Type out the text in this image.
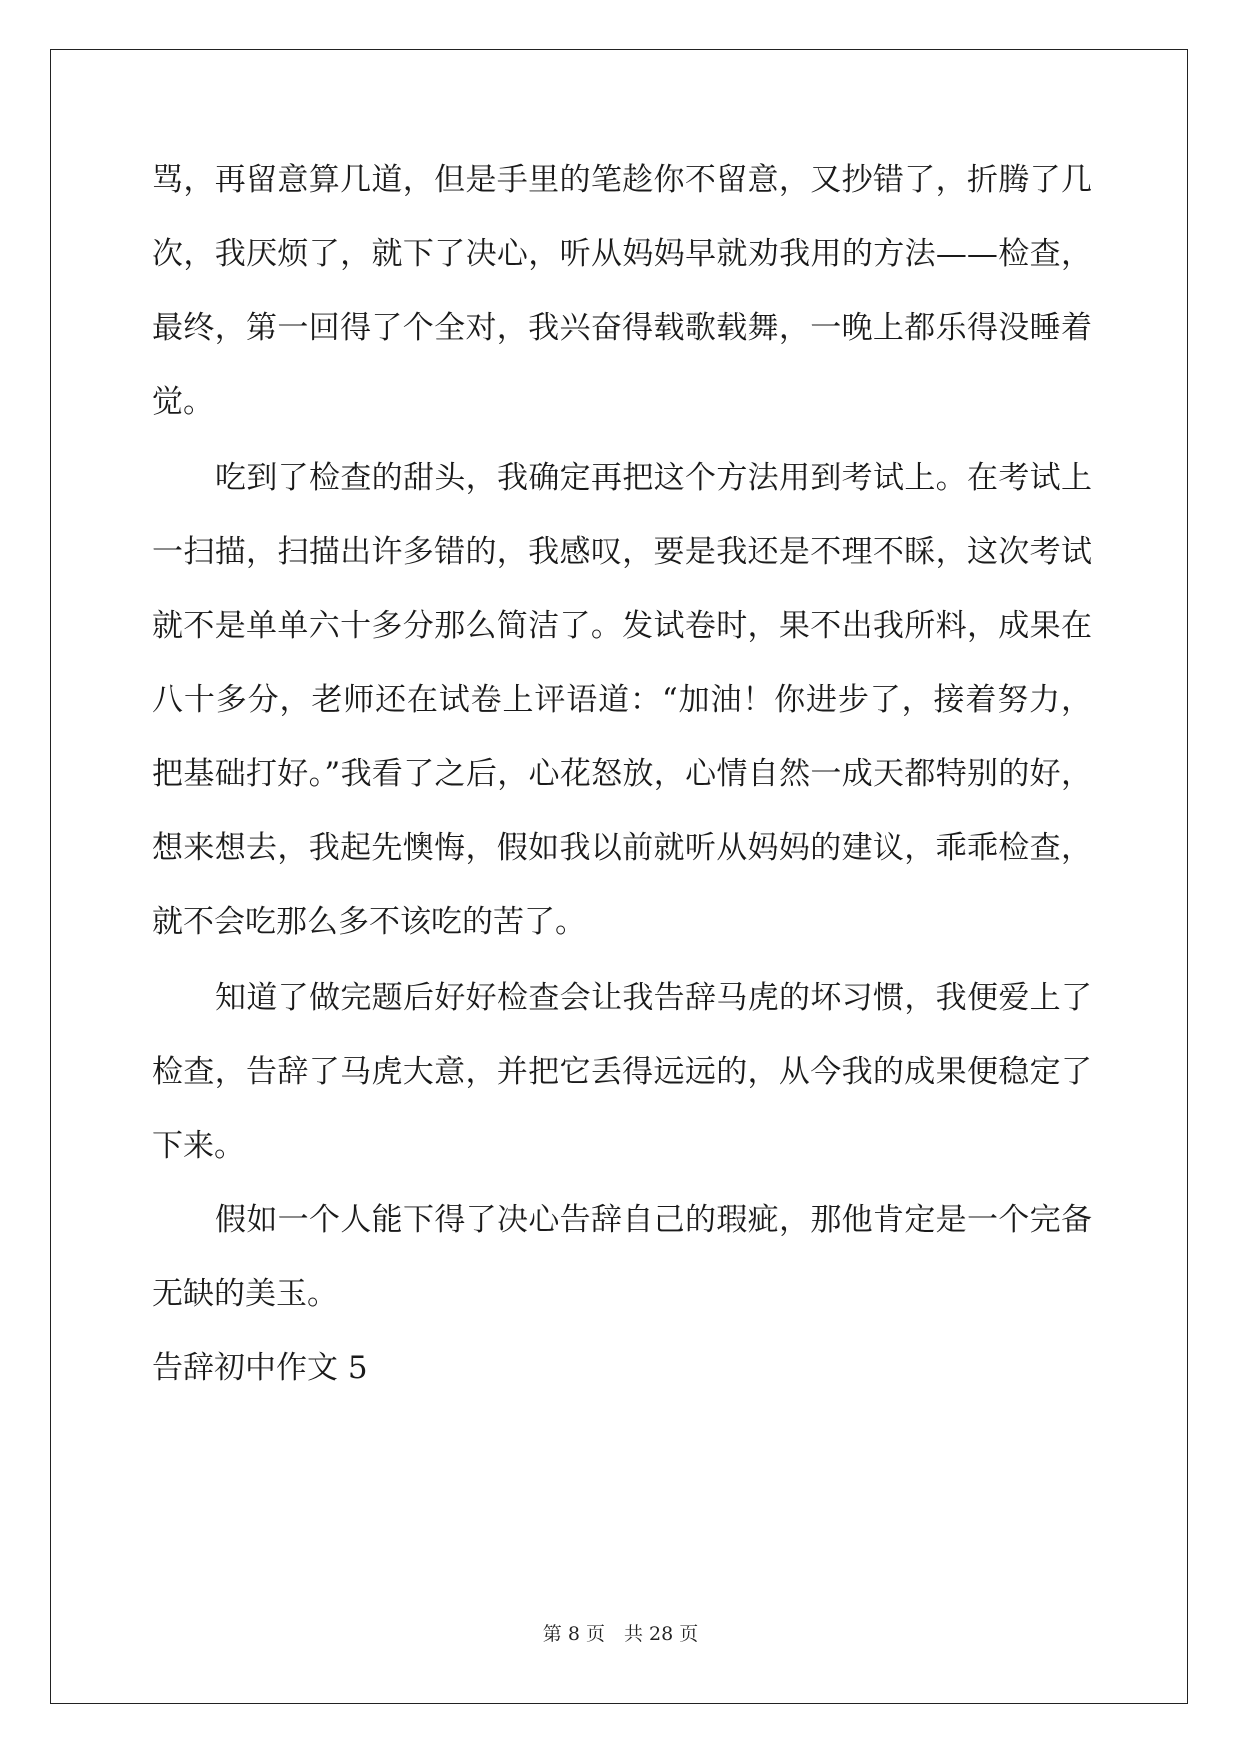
骂，再留意算几道，但是手里的笔趁你不留意，又抄错了，折腾了几
次，我厌烦了，就下了决心，听从妈妈早就劝我用的方法——检查，
最终，第一回得了个全对，我兴奋得载歌载舞，一晚上都乐得没睡着
觉。
吃到了检查的甜头，我确定再把这个方法用到考试上。在考试上
一扫描，扫描出许多错的，我感叹，要是我还是不理不睬，这次考试
就不是单单六十多分那么简洁了。发试卷时，果不出我所料，成果在
八十多分，老师还在试卷上评语道：“加油！你进步了，接着努力，
把基础打好。”我看了之后，心花怒放，心情自然一成天都特别的好，
想来想去，我起先懊悔，假如我以前就听从妈妈的建议，乖乖检查，
就不会吃那么多不该吃的苦了。
知道了做完题后好好检查会让我告辞马虎的坏习惯，我便爱上了
检查，告辞了马虎大意，并把它丢得远远的，从今我的成果便稳定了
下来。
假如一个人能下得了决心告辞自己的瑕疵，那他肯定是一个完备
无缺的美玉。
告辞初中作文 5
第 8 页　共 28 页
